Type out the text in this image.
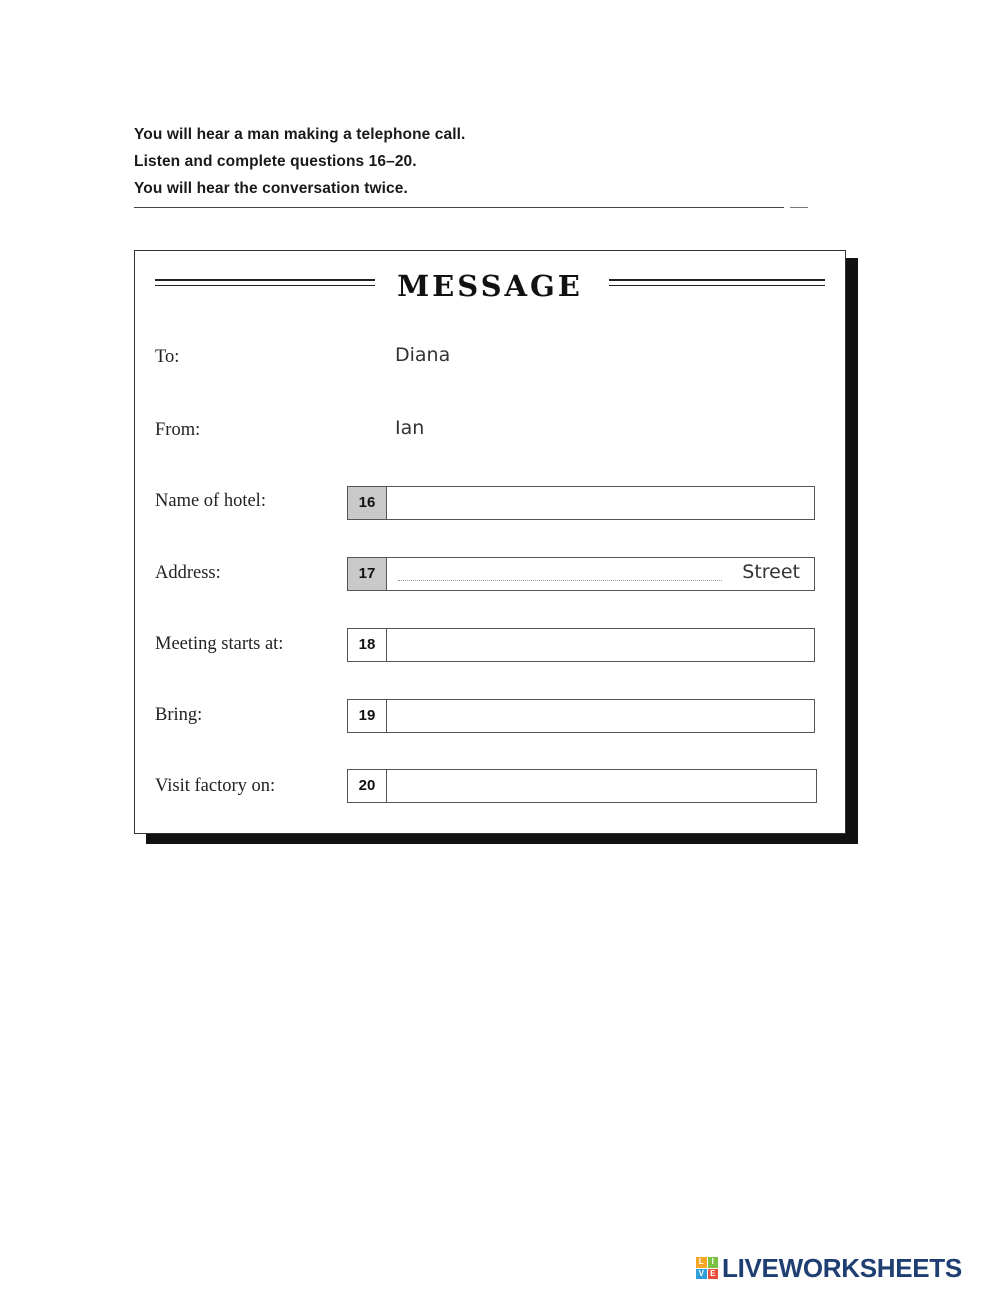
You will hear a man making a telephone call.
Listen and complete questions 16–20.
You will hear the conversation twice.
MESSAGE
To:	Diana
From:	Ian
Name of hotel:	16
Address:	17	Street
Meeting starts at:	18
Bring:	19
Visit factory on:	20
L I
V E LIVEWORKSHEETS
